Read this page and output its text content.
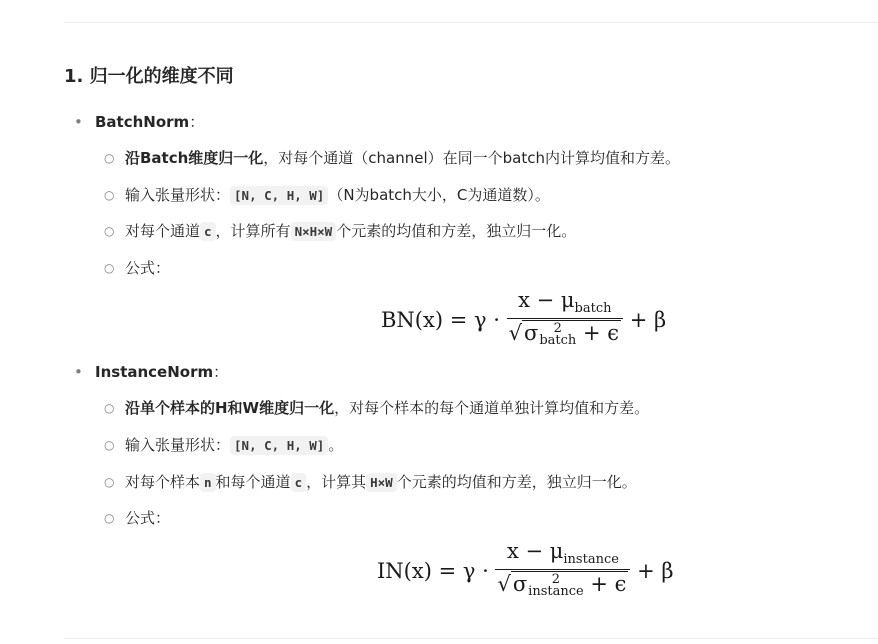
1. 归一化的维度不同
• BatchNorm：
○ 沿Batch维度归一化，对每个通道（channel）在同一个batch内计算均值和方差。
○ 输入张量形状： [N, C, H, W] （N为batch大小，C为通道数）。
○ 对每个通道 c ，计算所有 N×H×W 个元素的均值和方差，独立归一化。
○ 公式：
$BN(x) = \gamma \cdot x - \mu_{batch}$
√σ	2
batch + ϵ + β
• InstanceNorm：
○ 沿单个样本的H和W维度归一化，对每个样本的每个通道单独计算均值和方差。
○ 输入张量形状： [N, C, H, W] 。
○ 对每个样本 n 和每个通道 c ，计算其 H×W 个元素的均值和方差，独立归一化。
○ 公式：
$IN(x) = \gamma \cdot x - \mu_{instance}$
√σ	2
instance + ϵ + β
